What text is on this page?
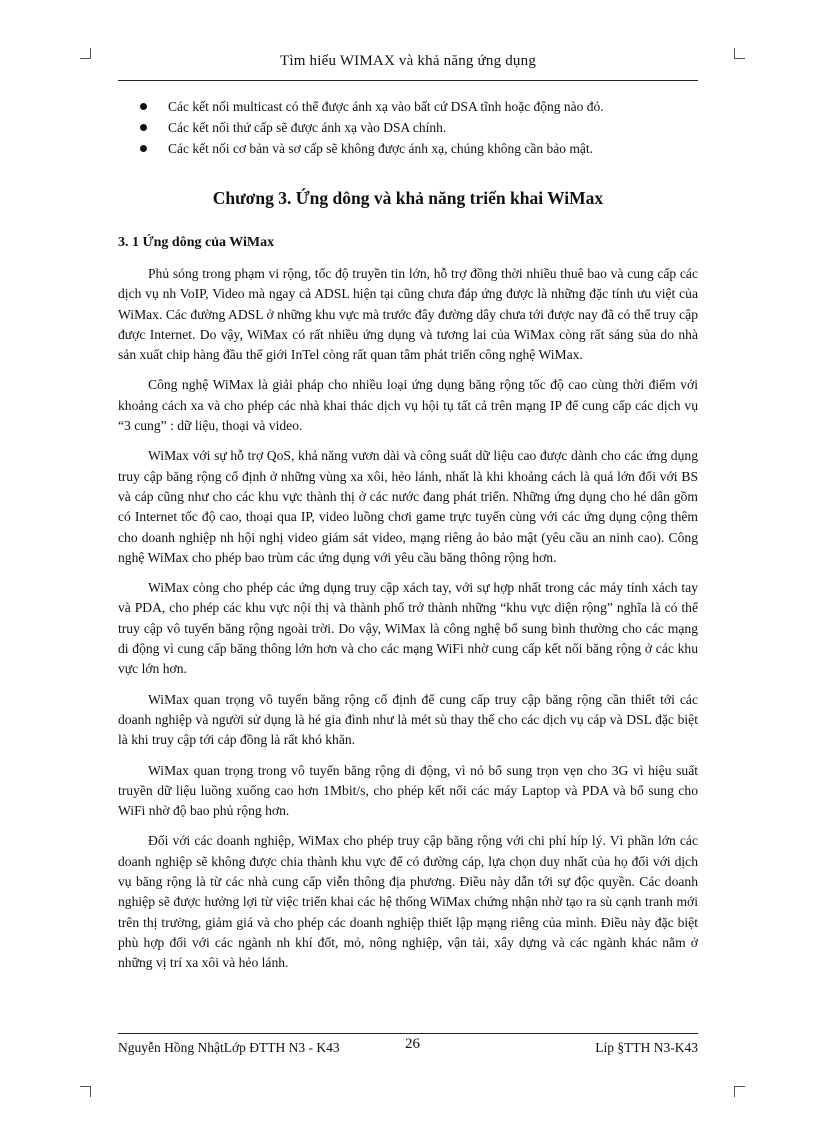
Tìm hiểu WIMAX và khả năng ứng dụng
Các kết nối multicast có thể được ánh xạ vào bất cứ DSA tĩnh hoặc động nào đó.
Các kết nối thứ cấp sẽ được ánh xạ vào DSA chính.
Các kết nối cơ bản và sơ cấp sẽ không được ánh xạ, chúng không cần bảo mật.
Chương 3. Ứng dông và khả năng triển khai WiMax
3. 1 Ứng dông của WiMax

Phủ sóng trong phạm vi rộng, tốc độ truyền tin lớn, hỗ trợ đồng thời nhiều thuê bao và cung cấp các dịch vụ nh VoIP, Video mà ngay cả ADSL hiện tại cũng chưa đáp ứng được là những đặc tính ưu việt của WiMax. Các đường ADSL ở những khu vực mà trước đây đường dây chưa tới được nay đã có thể truy cập được Internet. Do vậy, WiMax có rất nhiều ứng dụng và tương lai của WiMax còng rất sáng sủa do nhà sản xuất chip hàng đầu thế giới InTel còng rất quan tâm phát triển công nghệ WiMax.

Công nghệ WiMax là giải pháp cho nhiều loại ứng dụng băng rộng tốc độ cao cùng thời điểm với khoảng cách xa và cho phép các nhà khai thác dịch vụ hội tụ tất cả trên mạng IP để cung cấp các dịch vụ “3 cung” : dữ liệu, thoại và video.

WiMax với sự hỗ trợ QoS, khả năng vươn dài và công suất dữ liệu cao được dành cho các ứng dụng truy cập băng rộng cố định ở những vùng xa xôi, hẻo lánh, nhất là khi khoảng cách là quá lớn đối với BS và cáp cũng như cho các khu vực thành thị ở các nước đang phát triển. Những ứng dụng cho hé dân gồm có Internet tốc độ cao, thoại qua IP, video luồng chơi game trực tuyến cùng với các ứng dụng cộng thêm cho doanh nghiệp nh hội nghị video giám sát video, mạng riêng ảo bảo mật (yêu cầu an ninh cao). Công nghệ WiMax cho phép bao trùm các ứng dụng với yêu cầu băng thông rộng hơn.

WiMax còng cho phép các ứng dụng truy cập xách tay, với sự hợp nhất trong các máy tính xách tay và PDA, cho phép các khu vực nội thị và thành phố trở thành những “khu vực diện rộng” nghĩa là có thể truy cập vô tuyến băng rộng ngoài trời. Do vậy, WiMax là công nghệ bổ sung bình thường cho các mạng di động vì cung cấp băng thông lớn hơn và cho các mạng WiFi nhờ cung cấp kết nối băng rộng ở các khu vực lớn hơn.

WiMax quan trọng vô tuyến băng rộng cố định để cung cấp truy cập băng rộng cần thiết tới các doanh nghiệp và người sử dụng là hé gia đình như là mét sù thay thế cho các dịch vụ cáp và DSL đặc biệt là khi truy cập tới cáp đồng là rất khó khăn.

WiMax quan trọng trong vô tuyến băng rộng di động, vì nó bổ sung trọn vẹn cho 3G vì hiệu suất truyền dữ liệu luồng xuống cao hơn 1Mbit/s, cho phép kết nối các máy Laptop và PDA và bổ sung cho WiFi nhờ độ bao phủ rộng hơn.

Đối với các doanh nghiệp, WiMax cho phép truy cập băng rộng với chi phí híp lý. Vì phần lớn các doanh nghiệp sẽ không được chia thành khu vực để có đường cáp, lựa chọn duy nhất của họ đối với dịch vụ băng rộng là từ các nhà cung cấp viễn thông địa phương. Điều này dẫn tới sự độc quyền. Các doanh nghiệp sẽ được hưởng lợi từ việc triển khai các hệ thống WiMax chứng nhận nhờ tạo ra sù cạnh tranh mới trên thị trường, giảm giá và cho phép các doanh nghiệp thiết lập mạng riêng của mình. Điều này đặc biệt phù hợp đối với các ngành nh khí đốt, mỏ, nông nghiệp, vận tải, xây dựng và các ngành khác nằm ở những vị trí xa xôi và hẻo lánh.

Nguyễn Hồng NhậtLớp ĐTTH N3 - K43	26	Líp §TTH N3-K43
